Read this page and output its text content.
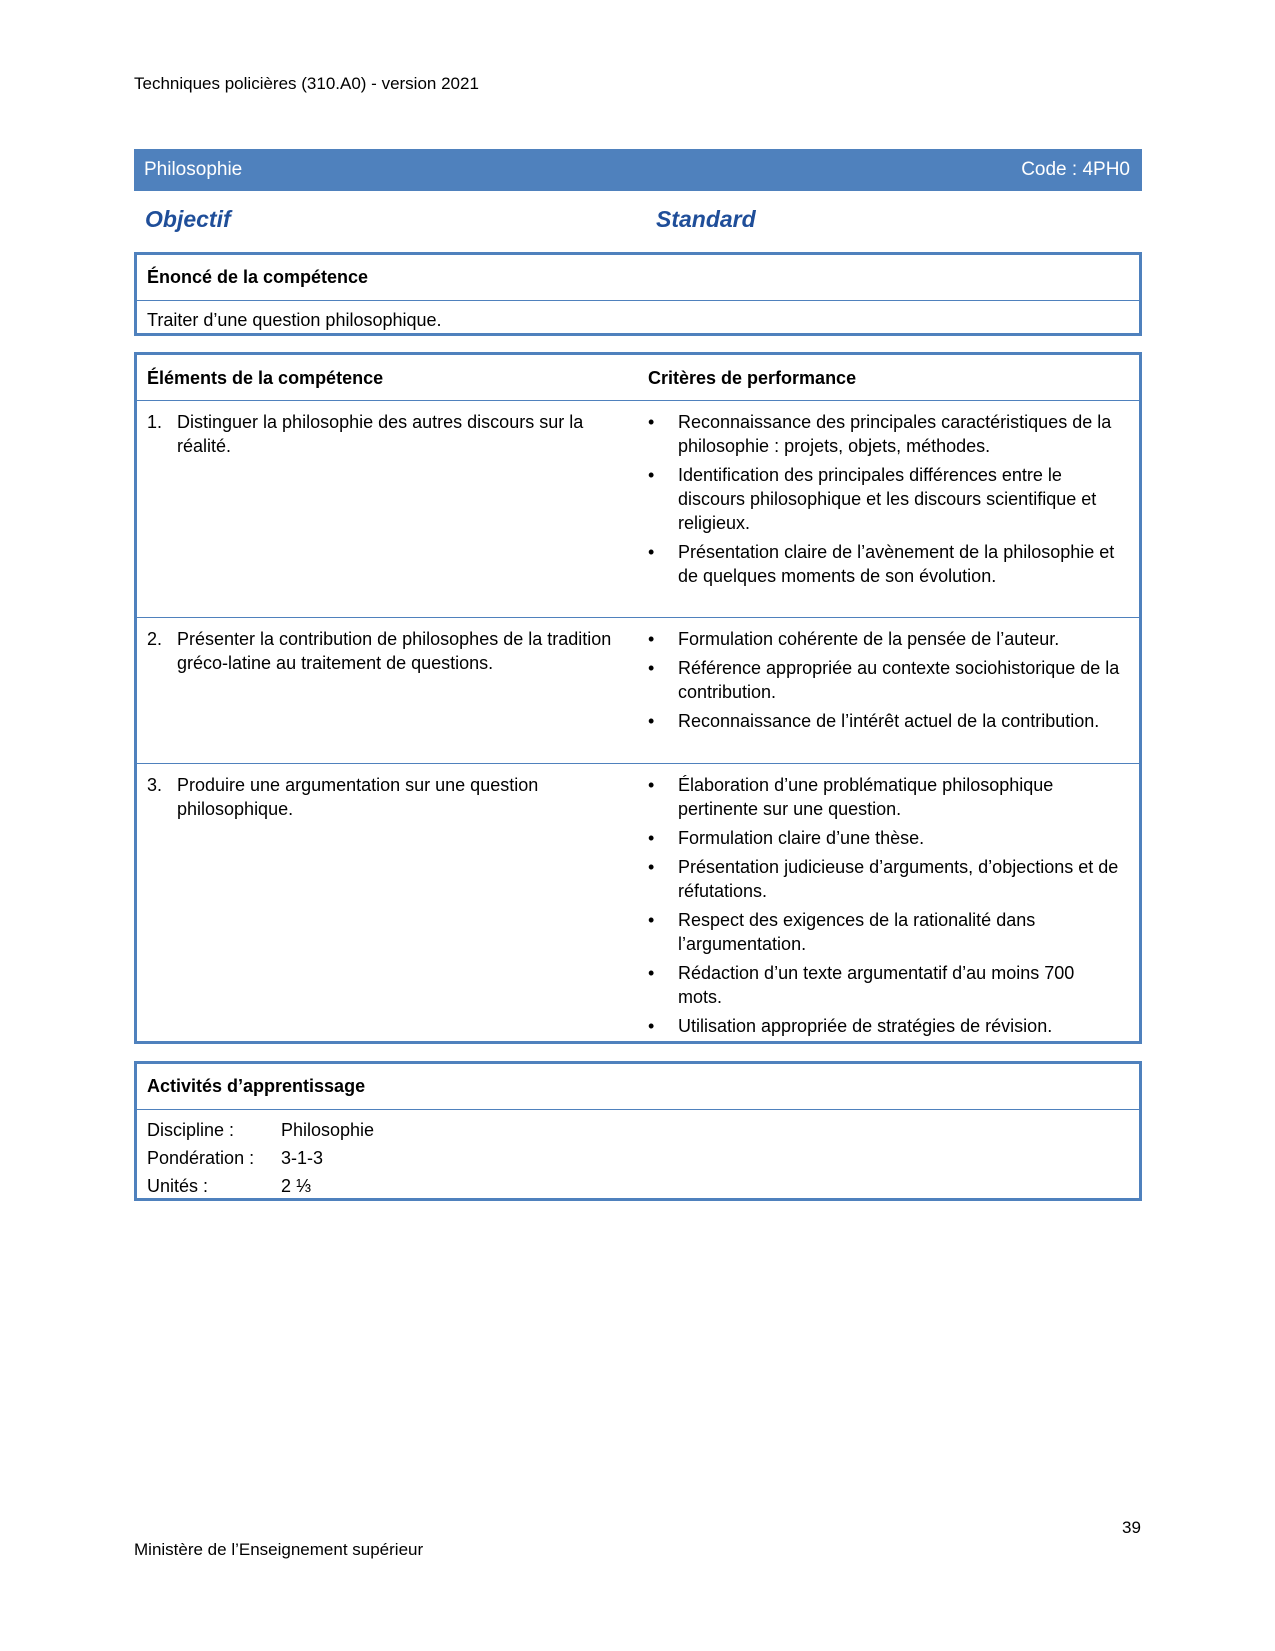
Techniques policières (310.A0) - version 2021
Philosophie	Code : 4PH0
Objectif	Standard
Énoncé de la compétence
Traiter d’une question philosophique.
Éléments de la compétence	Critères de performance
1. Distinguer la philosophie des autres discours sur la réalité.
• Reconnaissance des principales caractéristiques de la philosophie : projets, objets, méthodes.
• Identification des principales différences entre le discours philosophique et les discours scientifique et religieux.
• Présentation claire de l’avènement de la philosophie et de quelques moments de son évolution.
2. Présenter la contribution de philosophes de la tradition gréco-latine au traitement de questions.
• Formulation cohérente de la pensée de l’auteur.
• Référence appropriée au contexte sociohistorique de la contribution.
• Reconnaissance de l’intérêt actuel de la contribution.
3. Produire une argumentation sur une question philosophique.
• Élaboration d’une problématique philosophique pertinente sur une question.
• Formulation claire d’une thèse.
• Présentation judicieuse d’arguments, d’objections et de réfutations.
• Respect des exigences de la rationalité dans l’argumentation.
• Rédaction d’un texte argumentatif d’au moins 700 mots.
• Utilisation appropriée de stratégies de révision.
Activités d’apprentissage
Discipline :	Philosophie
Pondération : 3-1-3
Unités :	2 ⅓
39
Ministère de l’Enseignement supérieur
